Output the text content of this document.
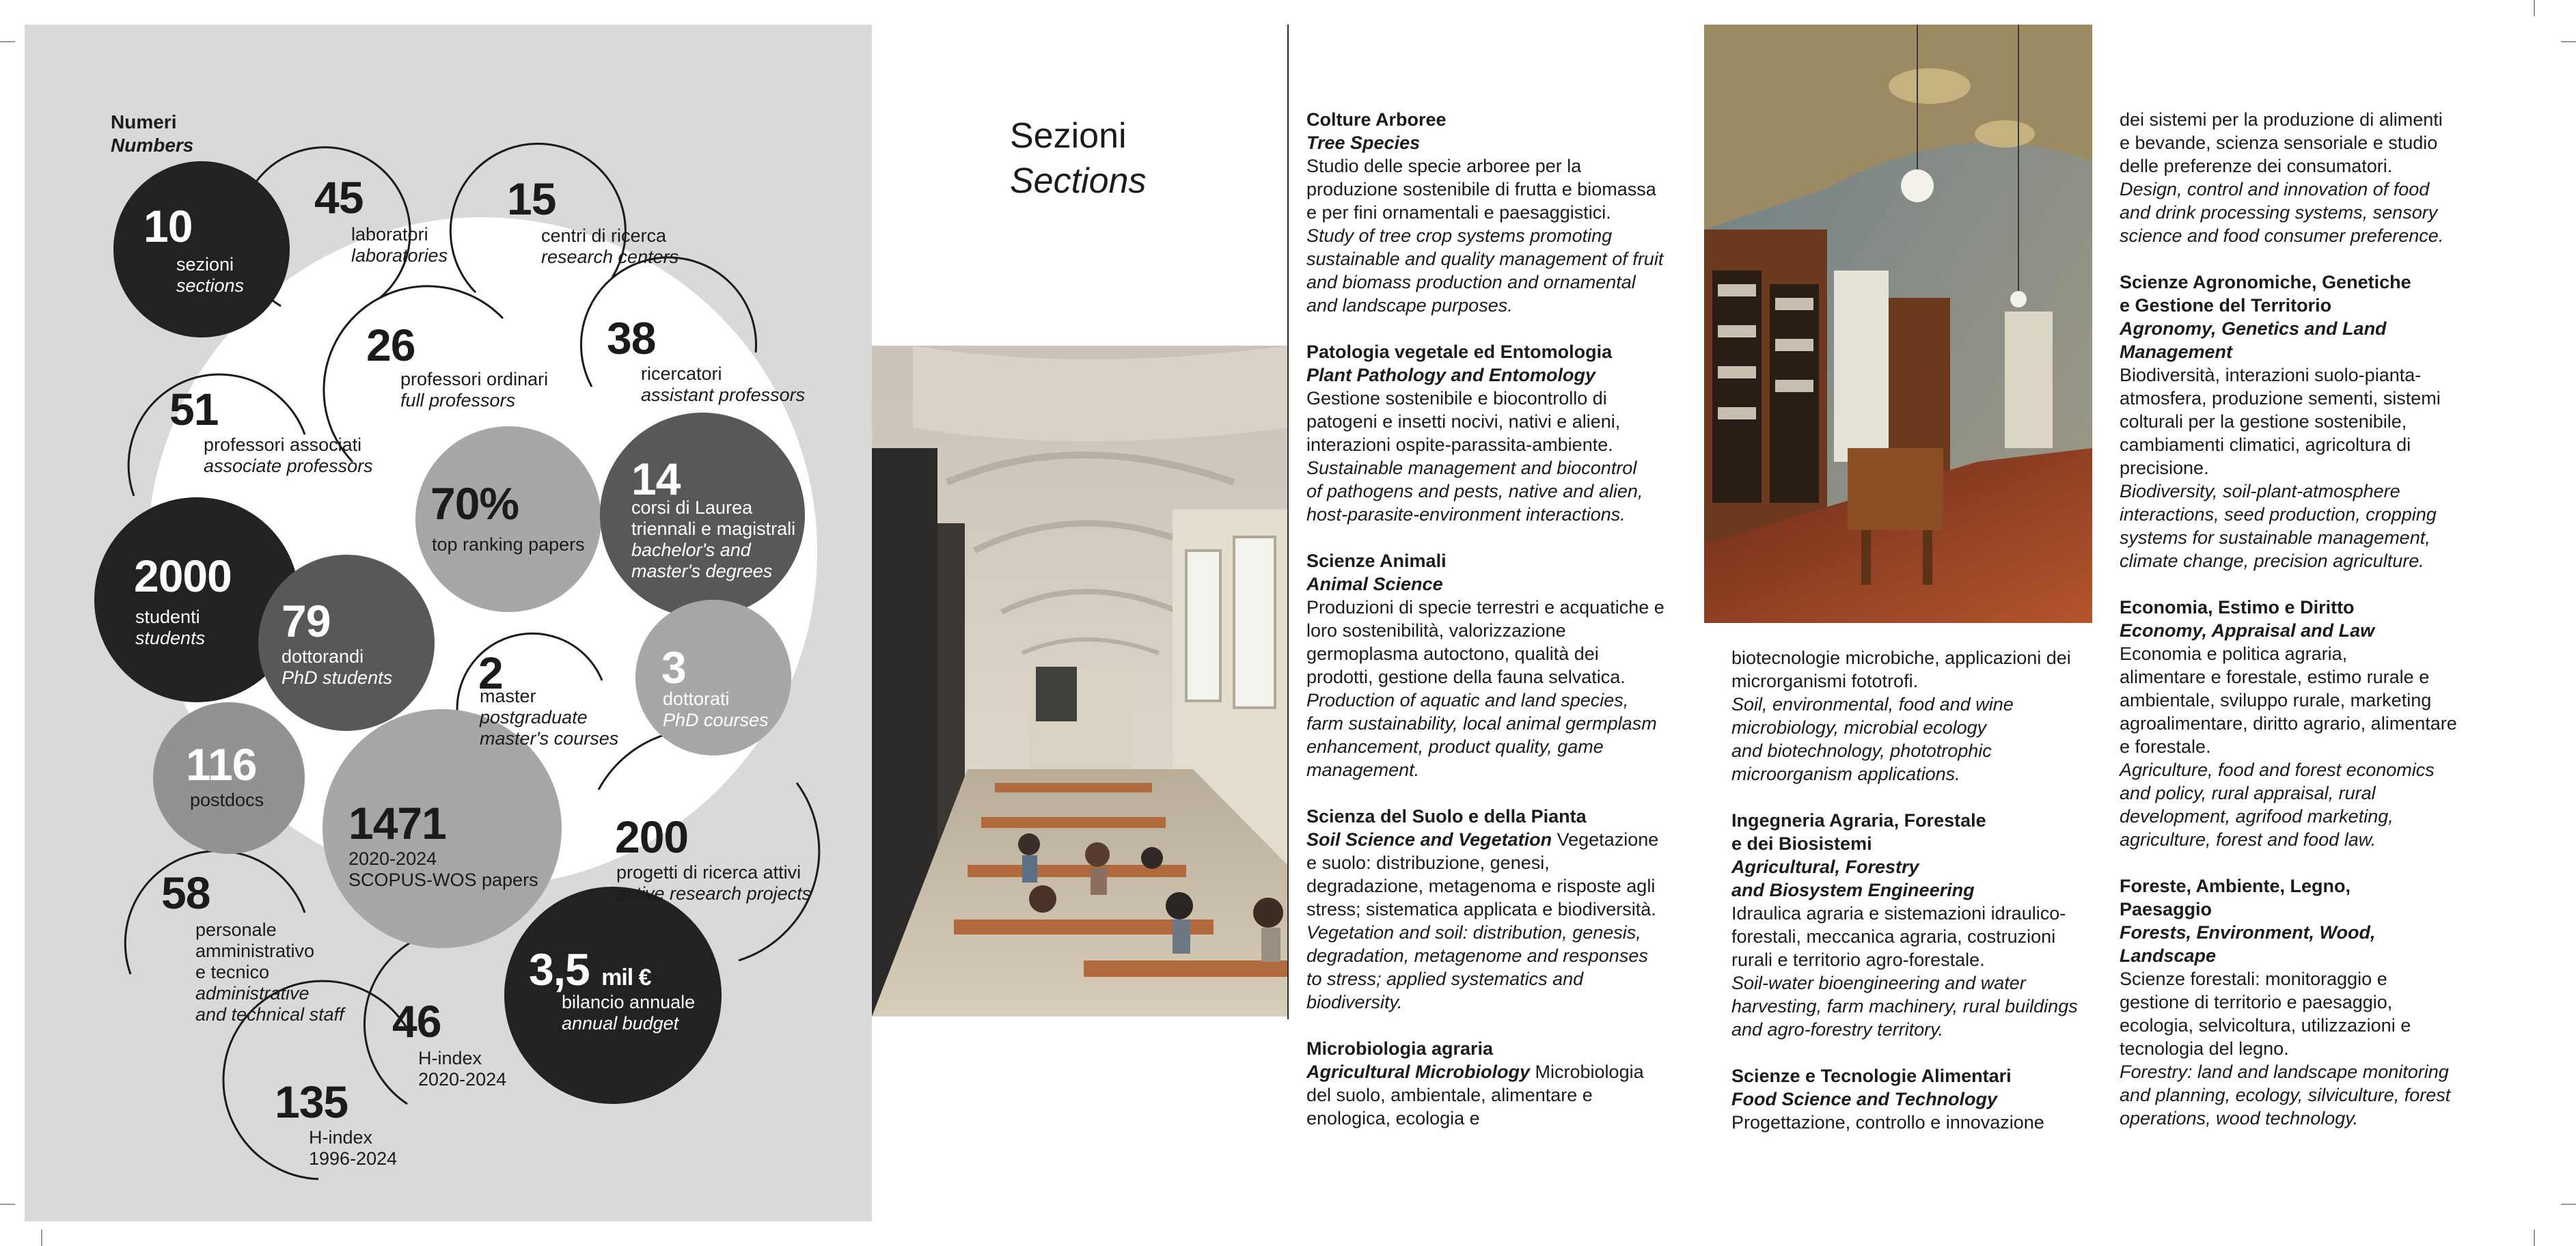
Numeri
Numbers
10
sezioni
sections
45
laboratori
laboratories
15
centri di ricerca
research centers
26
professori ordinari
full professors
38
ricercatori
assistant professors
51
professori associati
associate professors
70%
top ranking papers
14
corsi di Laurea
triennali e magistrali
bachelor's and
master's degrees
2000
studenti
students 79
dottorandi
PhD students 2
master
postgraduate
master's courses
3
dottorati
PhD courses
116
postdocs 1471
2020-2024
SCOPUS-WOS papers
200
progetti di ricerca attivi
active research projects
58
personale
amministrativo
e tecnico
administrative
and technical staff 46
H-index
2020-2024
3,5 mil €
bilancio annuale
annual budget
135
H-index
1996-2024
Sezioni
Sections

Colture Arboree

Tree Species

Studio delle specie arboree per la

produzione sostenibile di frutta e biomassa

e per fini ornamentali e paesaggistici.

Study of tree crop systems promoting

sustainable and quality management of fruit

and biomass production and ornamental

and landscape purposes.

Patologia vegetale ed Entomologia

Plant Pathology and Entomology

Gestione sostenibile e biocontrollo di

patogeni e insetti nocivi, nativi e alieni,

interazioni ospite-parassita-ambiente.

Sustainable management and biocontrol

of pathogens and pests, native and alien,

host-parasite-environment interactions.

Scienze Animali

Animal Science

Produzioni di specie terrestri e acquatiche e

loro sostenibilità, valorizzazione

germoplasma autoctono, qualità dei

prodotti, gestione della fauna selvatica.

Production of aquatic and land species,

farm sustainability, local animal germplasm

enhancement, product quality, game

management.

Scienza del Suolo e della Pianta

Soil Science and Vegetation Vegetazione

e suolo: distribuzione, genesi,

degradazione, metagenoma e risposte agli

stress; sistematica applicata e biodiversità.

Vegetation and soil: distribution, genesis,

degradation, metagenome and responses

to stress; applied systematics and

biodiversity.

Microbiologia agraria

Agricultural Microbiology Microbiologia

del suolo, ambientale, alimentare e

enologica, ecologia e

biotecnologie microbiche, applicazioni dei

microrganismi fototrofi.

Soil, environmental, food and wine

microbiology, microbial ecology

and biotechnology, phototrophic

microorganism applications.

Ingegneria Agraria, Forestale

e dei Biosistemi

Agricultural, Forestry

and Biosystem Engineering

Idraulica agraria e sistemazioni idraulico-

forestali, meccanica agraria, costruzioni

rurali e territorio agro-forestale.

Soil-water bioengineering and water

harvesting, farm machinery, rural buildings

and agro-forestry territory.

Scienze e Tecnologie Alimentari

Food Science and Technology

Progettazione, controllo e innovazione

dei sistemi per la produzione di alimenti

e bevande, scienza sensoriale e studio

delle preferenze dei consumatori.

Design, control and innovation of food

and drink processing systems, sensory

science and food consumer preference.

Scienze Agronomiche, Genetiche

e Gestione del Territorio

Agronomy, Genetics and Land

Management

Biodiversità, interazioni suolo-pianta-

atmosfera, produzione sementi, sistemi

colturali per la gestione sostenibile,

cambiamenti climatici, agricoltura di

precisione.

Biodiversity, soil-plant-atmosphere

interactions, seed production, cropping

systems for sustainable management,

climate change, precision agriculture.

Economia, Estimo e Diritto

Economy, Appraisal and Law

Economia e politica agraria,

alimentare e forestale, estimo rurale e

ambientale, sviluppo rurale, marketing

agroalimentare, diritto agrario, alimentare

e forestale.

Agriculture, food and forest economics

and policy, rural appraisal, rural

development, agrifood marketing,

agriculture, forest and food law.

Foreste, Ambiente, Legno,

Paesaggio

Forests, Environment, Wood,

Landscape

Scienze forestali: monitoraggio e

gestione di territorio e paesaggio,

ecologia, selvicoltura, utilizzazioni e

tecnologia del legno.

Forestry: land and landscape monitoring

and planning, ecology, silviculture, forest

operations, wood technology.
